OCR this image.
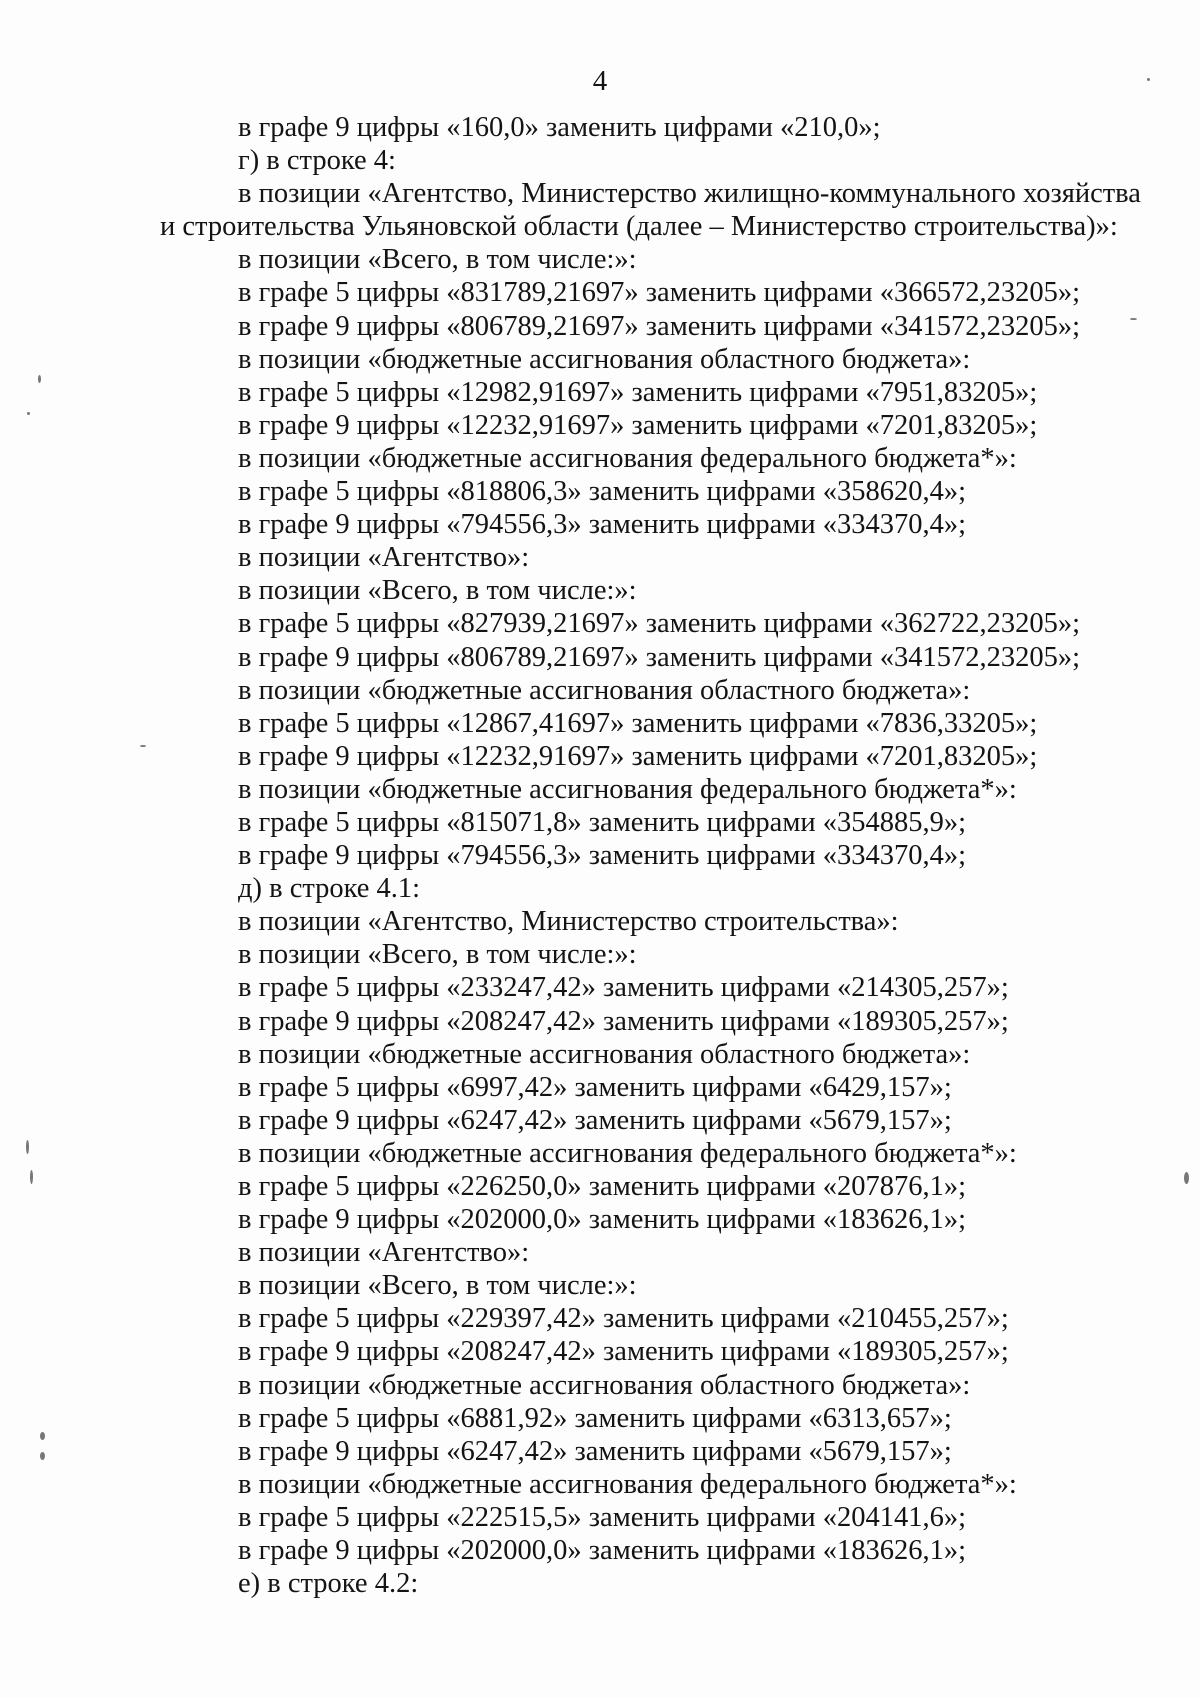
4
в графе 9 цифры «160,0» заменить цифрами «210,0»;
г) в строке 4:
в позиции «Агентство, Министерство жилищно-коммунального хозяйства
и строительства Ульяновской области (далее – Министерство строительства)»:
в позиции «Всего, в том числе:»:
в графе 5 цифры «831789,21697» заменить цифрами «366572,23205»;
в графе 9 цифры «806789,21697» заменить цифрами «341572,23205»;
в позиции «бюджетные ассигнования областного бюджета»:
в графе 5 цифры «12982,91697» заменить цифрами «7951,83205»;
в графе 9 цифры «12232,91697» заменить цифрами «7201,83205»;
в позиции «бюджетные ассигнования федерального бюджета*»:
в графе 5 цифры «818806,3» заменить цифрами «358620,4»;
в графе 9 цифры «794556,3» заменить цифрами «334370,4»;
в позиции «Агентство»:
в позиции «Всего, в том числе:»:
в графе 5 цифры «827939,21697» заменить цифрами «362722,23205»;
в графе 9 цифры «806789,21697» заменить цифрами «341572,23205»;
в позиции «бюджетные ассигнования областного бюджета»:
в графе 5 цифры «12867,41697» заменить цифрами «7836,33205»;
в графе 9 цифры «12232,91697» заменить цифрами «7201,83205»;
в позиции «бюджетные ассигнования федерального бюджета*»:
в графе 5 цифры «815071,8» заменить цифрами «354885,9»;
в графе 9 цифры «794556,3» заменить цифрами «334370,4»;
д) в строке 4.1:
в позиции «Агентство, Министерство строительства»:
в позиции «Всего, в том числе:»:
в графе 5 цифры «233247,42» заменить цифрами «214305,257»;
в графе 9 цифры «208247,42» заменить цифрами «189305,257»;
в позиции «бюджетные ассигнования областного бюджета»:
в графе 5 цифры «6997,42» заменить цифрами «6429,157»;
в графе 9 цифры «6247,42» заменить цифрами «5679,157»;
в позиции «бюджетные ассигнования федерального бюджета*»:
в графе 5 цифры «226250,0» заменить цифрами «207876,1»;
в графе 9 цифры «202000,0» заменить цифрами «183626,1»;
в позиции «Агентство»:
в позиции «Всего, в том числе:»:
в графе 5 цифры «229397,42» заменить цифрами «210455,257»;
в графе 9 цифры «208247,42» заменить цифрами «189305,257»;
в позиции «бюджетные ассигнования областного бюджета»:
в графе 5 цифры «6881,92» заменить цифрами «6313,657»;
в графе 9 цифры «6247,42» заменить цифрами «5679,157»;
в позиции «бюджетные ассигнования федерального бюджета*»:
в графе 5 цифры «222515,5» заменить цифрами «204141,6»;
в графе 9 цифры «202000,0» заменить цифрами «183626,1»;
е) в строке 4.2:
